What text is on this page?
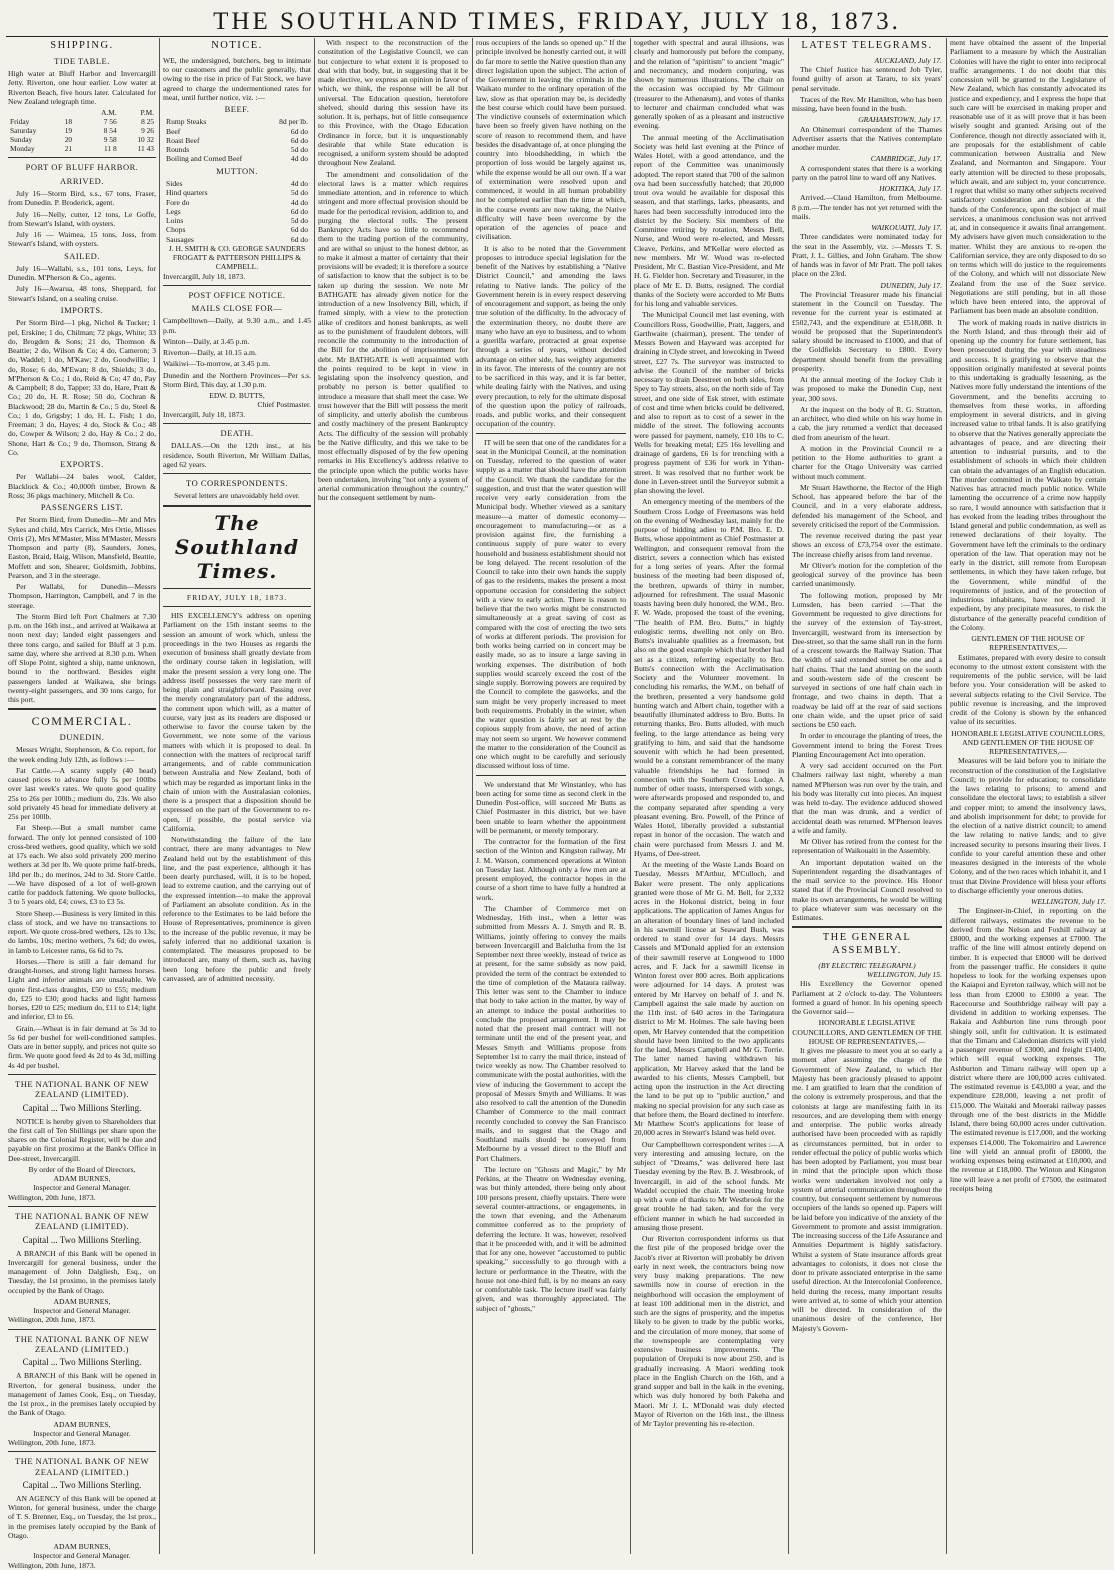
THE SOUTHLAND TIMES, FRIDAY, JULY 18, 1873.
SHIPPING.
TIDE TABLE.

High water at Bluff Harbor and Invercargill Jetty. Riverton, one hour earlier. Low water at Riverton Beach, five hours later. Calculated for New Zealand telegraph time.

		A.M.	P.M.
Friday	18	7 56	8 25
Saturday	19	8 54	9 26
Sunday	20	9 58	10 32
Monday	21	11 8	11 43
PORT OF BLUFF HARBOR.
ARRIVED.

July 16—Storm Bird, s.s., 67 tons, Fraser, from Dunedin. P. Broderick, agent.

July 16—Nelly, cutter, 12 tons, Le Goffe, from Stewart's Island, with oysters.

July 16 — Waimea, 15 tons, Joss, from Stewart's Island, with oysters.

SAILED.

July 16—Wallabi, s.s., 101 tons, Leys, for Dunedin. M'Pherson & Co., agents.

July 16—Awarua, 48 tons, Sheppard, for Stewart's Island, on a sealing cruise.

IMPORTS.

Per Storm Bird—1 pkg, Nichol & Tucker; 1 pel, Erskine; 1 do, Chilman; 72 pkgs, White; 33 do, Brogden & Sons; 21 do, Thomson & Beattie; 2 do, Wilson & Co; 4 do, Cameron; 3 do, Waddel; 1 do, M'Kaw; 2 do, Goodwillie; 1 do, Rose; 6 do, M'Ewan; 8 do, Shields; 3 do, M'Pherson & Co.; 1 do, Reid & Co; 47 do, Pay & Campbell; 8 do, Tapper; 33 do, Hare, Pratt & Co.; 20 do, H. R. Rose; 50 do, Cochran & Blackwood; 28 do, Martin & Co.; 5 do, Steel & Co.; 1 do, Grigsby; 1 do, H. L. Fish; 1 do, Freeman; 3 do, Hayes; 4 do, Stock & Co.; 48 do, Cowper & Wilson; 2 do, Hay & Co.; 2 do, Shone, Hart & Co.; 9 do, Thomson, Strang & Co.

EXPORTS.

Per Wallabi—24 bales wool, Calder, Blacklock & Co.; 40,000ft timber, Brown & Ross; 36 pkgs machinery, Mitchell & Co.

PASSENGERS LIST.

Per Storm Bird, from Dunedin—Mr and Mrs Sykes and child, Mrs Carrick, Mrs Ortie, Misses Orris (2), Mrs M'Master, Miss M'Master, Messrs Thompson and party (8), Saunders, Jones, Easton, Braid, Haig, Wilson, Mansfield, Beattie, Moffett and son, Shearer, Goldsmith, Jobbins, Pearson, and 3 in the steerage.

Per Wallabi, for Dunedin—Messrs Thompson, Harrington, Campbell, and 7 in the steerage.

The Storm Bird left Port Chalmers at 7.30 p.m. on the 16th inst., and arrived at Waikawa at noon next day; landed eight passengers and three tons cargo, and sailed for Bluff at 3 p.m. same day, where she arrived at 8.30 p.m. When off Slope Point, sighted a ship, name unknown, bound to the northward. Besides eight passengers landed at Waikawa, she brings twenty-eight passengers, and 30 tons cargo, for this port.

COMMERCIAL.
DUNEDIN.

Messrs Wright, Stephenson, & Co. report, for the week ending July 12th, as follows :—

Fat Cattle.—A scanty supply (40 head) caused prices to advance fully 5s per 100lbs over last week's rates. We quote good quality 25s to 26s per 100lb.; medium do, 23s. We also sold privately 45 head for immediate delivery at 25s per 100lb.

Fat Sheep.—But a small number came forward. The only lot penned consisted of 100 cross-bred wethers, good quality, which we sold at 17s each. We also sold privately 200 merino wethers at 3d per lb. We quote prime half-breds, 18d per lb.; do merinos, 24d to 3d. Store Cattle.—We have disposed of a lot of well-grown cattle for paddock fattening. We quote bullocks, 3 to 5 years old, £4; cows, £3 to £3 5s.

Store Sheep.—Business is very limited in this class of stock, and we have no transactions to report. We quote cross-bred wethers, 12s to 13s; do lambs, 10s; merino wethers, 7s 6d; do ewes, in lamb to Leicester rams, 6s 6d to 7s.

Horses.—There is still a fair demand for draught-horses, and strong light harness horses. Light and inferior animals are unsaleable. We quote first-class draughts, £50 to £55; medium do, £25 to £30; good hacks and light harness horses, £20 to £25; medium do, £11 to £14; light and inferior, £3 to £6.

Grain.—Wheat is in fair demand at 5s 3d to 5s 6d per bushel for well-conditioned samples. Oats are in better supply, and prices not quite so firm. We quote good feed 4s 2d to 4s 3d, milling 4s 4d per bushel.

THE NATIONAL BANK OF NEW ZEALAND (LIMITED).
Capital ... Two Millions Sterling.

NOTICE is hereby given to Shareholders that the first call of Ten Shillings per share upon the shares on the Colonial Register, will be due and payable on first proximo at the Bank's Office in Dee-street, Invercargill.

By order of the Board of Directors,
ADAM BURNES,
Inspector and General Manager.
Wellington, 20th June, 1873.
THE NATIONAL BANK OF NEW ZEALAND (LIMITED).
Capital ... Two Millions Sterling.

A BRANCH of this Bank will be opened in Invercargill for general business, under the management of John Dalgliesh, Esq., on Tuesday, the 1st proximo, in the premises lately occupied by the Bank of Otago.

ADAM BURNES,
Inspector and General Manager.
Wellington, 20th June, 1873.
THE NATIONAL BANK OF NEW ZEALAND (LIMITED.)
Capital ... Two Millions Sterling.

A BRANCH of this Bank will be opened in Riverton, for general business, under the management of James Cook, Esq., on Tuesday, the 1st prox., in the premises lately occupied by the Bank of Otago.

ADAM BURNES,
Inspector and General Manager.
Wellington, 20th June, 1873.
THE NATIONAL BANK OF NEW ZEALAND (LIMITED.)
Capital ... Two Millions Sterling.

AN AGENCY of this Bank will be opened at Winton, for general business, under the charge of T. S. Brenner, Esq., on Tuesday, the 1st prox., in the premises lately occupied by the Bank of Otago.

ADAM BURNES,
Inspector and General Manager.
Wellington, 20th June, 1873.
NOTICE.

WE, the undersigned, butchers, beg to intimate to our customers and the public generally, that owing to the rise in price of Fat Stock, we have agreed to charge the undermentioned rates for meat, until further notice, viz. :—

BEEF.
Rump Steaks	8d per lb.
Beef	6d do
Roast Beef	6d do
Rounds	5d do
Boiling and Corned Beef	4d do
MUTTON.
Sides	4d do
Hind quarters	5d do
Fore do	4d do
Legs	6d do
Loins	5d do
Chops	6d do
Sausages	6d do
J. H. SMITH & CO. GEORGE SAUNDERS FROGATT & PATTERSON PHILLIPS & CAMPBELL.
Invercargill, July 18, 1873.
POST OFFICE NOTICE.
MAILS CLOSE FOR—

Campbelltown—Daily, at 9.30 a.m., and 1.45 p.m.

Winton—Daily, at 3.45 p.m.

Riverton—Daily, at 10.15 a.m.

Waikiwi—To-morrow, at 3.45 p.m.

Dunedin and the Northern Provinces—Per s.s. Storm Bird, This day, at 1.30 p.m.

EDW. D. BUTTS,
Chief Postmaster.
Invercargill, July 18, 1873.
DEATH.

DALLAS.—On the 12th inst., at his residence, South Riverton, Mr William Dallas, aged 62 years.

TO CORRESPONDENTS.
Several letters are unavoidably held over.
The Southland Times.
FRIDAY, JULY 18, 1873.

HIS EXCELLENCY's address on opening Parliament on the 15th instant seems to the session an amount of work which, unless the proceedings in the two Houses as regards the execution of business shall greatly deviate from the ordinary course taken in legislation, will make the present session a very long one. The address itself possesses the very rare merit of being plain and straightforward. Passing over the merely congratulatory part of the address, the comment upon which will, as a matter of course, vary just as its readers are disposed or otherwise to favor the course taken by the Government, we note some of the various matters with which it is proposed to deal. In connection with the matters of reciprocal tariff arrangements, and of cable communication between Australia and New Zealand, both of which may be regarded as important links in the chain of union with the Australasian colonies, there is a prospect that a disposition should be expressed on the part of the Government to re-open, if possible, the postal service via California.

Notwithstanding the failure of the late contract, there are many advantages to New Zealand held out by the establishment of this line, and the past experience, although it has been dearly purchased, will, it is to be hoped, lead to extreme caution, and the carrying out of the expressed intention—to make the approval of Parliament an absolute condition. As in the reference to the Estimates to be laid before the House of Representatives, prominence is given to the increase of the public revenue, it may be safely inferred that no additional taxation is contemplated. The measures proposed to be introduced are, many of them, such as, having been long before the public and freely canvassed, are of admitted necessity.

With respect to the reconstruction of the constitution of the Legislative Council, we can but conjecture to what extent it is proposed to deal with that body, but, in suggesting that it be made elective, we express an opinion in favor of which, we think, the response will be all but universal. The Education question, heretofore shelved, should during this session have its solution. It is, perhaps, but of little consequence to this Province, with the Otago Education Ordinance in force, but it is unquestionably desirable that while State education is recognised, a uniform system should be adopted throughout New Zealand.

The amendment and consolidation of the electoral laws is a matter which requires immediate attention, and in reference to which stringent and more effectual provision should be made for the periodical revision, addition to, and purging the electoral rolls. The present Bankruptcy Acts have so little to recommend them to the trading portion of the community, and are withal so unjust to the honest debtor, as to make it almost a matter of certainty that their provisions will be evaded; it is therefore a source of satisfaction to know that the subject is to be taken up during the session. We note Mr BATHGATE has already given notice for the introduction of a new Insolvency Bill, which, if framed simply, with a view to the protection alike of creditors and honest bankrupts, as well as to the punishment of fraudulent debtors, will reconcile the community to the introduction of the Bill for the abolition of imprisonment for debt. Mr BATHGATE is well acquainted with the points required to be kept in view in legislating upon the insolvency question, and probably no person is better qualified to introduce a measure that shall meet the case. We trust however that the Bill will possess the merit of simplicity, and utterly abolish the cumbrous and costly machinery of the present Bankruptcy Acts. The difficulty of the session will probably be the Native difficulty, and this we take to be most effectually disposed of by the few opening remarks in His Excellency's address relative to the principle upon which the public works have been undertaken, involving "not only a system of arterial communication throughout the country," but the consequent settlement by num-

rous occupiers of the lands so opened up." If the principle involved be honestly carried out, it will do far more to settle the Native question than any direct legislation upon the subject. The action of the Government in leaving the criminals in the Waikato murder to the ordinary operation of the law, slow as that operation may be, is decidedly the best course which could have been pursued. The vindictive counsels of extermination which have been so freely given have nothing on the score of reason to recommend them, and have besides the disadvantage of, at once plunging the country into bloodshedding, in which the proportion of loss would be largely against us, while the expense would be all our own. If a war of extermination were resolved upon and commenced, it would in all human probability not be completed earlier than the time at which, in the course events are now taking, the Native difficulty will have been overcome by the operation of the agencies of peace and civilisation.

It is also to be noted that the Government proposes to introduce special legislation for the benefit of the Natives by establishing a "Native District Council," and amending the laws relating to Native lands. The policy of the Government herein is in every respect deserving of encouragement and support, as being the only true solution of the difficulty. In the advocacy of the extermination theory, no doubt there are many who have an eye to business, and to whom a guerilla warfare, protracted at great expense through a series of years, without decided advantage on either side, has weighty arguments in its favor. The interests of the country are not to be sacrificed in this way, and it is far better, while dealing fairly with the Natives, and using every precaution, to rely for the ultimate disposal of the question upon the policy of railroads, roads, and public works, and their consequent occupation of the country.

IT will be seen that one of the candidates for a seat in the Municipal Council, at the nomination on Tuesday, referred to the question of water supply as a matter that should have the attention of the Council. We thank the candidate for the suggestion, and trust that the water question will receive very early consideration from the Municipal body. Whether viewed as a sanitary measure—a matter of domestic economy—encouragement to manufacturing—or as a provision against fire, the furnishing a continuous supply of pure water to every household and business establishment should not be long delayed. The recent resolution of the Council to take into their own hands the supply of gas to the residents, makes the present a most opportune occasion for considering the subject with a view to early action. There is reason to believe that the two works might be constructed simultaneously at a great saving of cost as compared with the cost of erecting the two sets of works at different periods. The provision for both works being carried on in concert may be easily made, so as to insure a large saving in working expenses. The distribution of both supplies would scarcely exceed the cost of the single supply. Borrowing powers are required by the Council to complete the gasworks, and the sum might be very properly increased to meet both requirements. Probably in the winter, when the water question is fairly set at rest by the copious supply from above, the need of action may not seem so urgent. We however commend the matter to the consideration of the Council as one which ought to be carefully and seriously discussed without loss of time.

We understand that Mr Winstanley, who has been acting for some time as second clerk in the Dunedin Post-office, will succeed Mr Butts as Chief Postmaster in this district, but we have been unable to learn whether the appointment will be permanent, or merely temporary.

The contractor for the formation of the first section of the Winton and Kingston railway, Mr J. M. Watson, commenced operations at Winton on Tuesday last. Although only a few men are at present employed, the contractor hopes in the course of a short time to have fully a hundred at work.

The Chamber of Commerce met on Wednesday, 16th inst., when a letter was submitted from Messrs A. J. Smyth and R. B. Williams, jointly offering to convey the mails between Invercargill and Balclutha from the 1st September next three weekly, instead of twice as at present, for the same subsidy as now paid, provided the term of the contract be extended to the time of completion of the Mataura railway. This letter was sent to the Chamber to induce that body to take action in the matter, by way of an attempt to induce the postal authorities to conclude the proposed arrangement. It may be noted that the present mail contract will not terminate until the end of the present year, and Messrs Smyth and Williams propose from September 1st to carry the mail thrice, instead of twice weekly as now. The Chamber resolved to communicate with the postal authorities, with the view of inducing the Government to accept the proposal of Messrs Smyth and Williams. It was also resolved to call the attention of the Dunedin Chamber of Commerce to the mail contract recently concluded to convey the San Francisco mails, and to suggest that the Otago and Southland mails should be conveyed from Melbourne by a vessel direct to the Bluff and Port Chalmers.

The lecture on "Ghosts and Magic," by Mr Perkins, at the Theatre on Wednesday evening, was but thinly attended, there being only about 100 persons present, chiefly upstairs. There were several counter-attractions, or engagements, in the town that evening, and the Athenæum committee conferred as to the propriety of deferring the lecture. It was, however, resolved that it be proceeded with, and it will be admitted that for any one, however "accustomed to public speaking," successfully to go through with a lecture or performance in the Theatre, with the house not one-third full, is by no means an easy or comfortable task. The lecture itself was fairly given, and was thoroughly appreciated. The subject of "ghosts,"

together with spectral and aural illusions, was clearly and humorously put before the company, and the relation of "spiritism" to ancient "magic" and necromancy, and modern conjuring, was shown by numerous illustrations. The chair on the occasion was occupied by Mr Gilmour (treasurer to the Athenæum), and votes of thanks to lecturer and chairman concluded what was generally spoken of as a pleasant and instructive evening.

The annual meeting of the Acclimatisation Society was held last evening at the Prince of Wales Hotel, with a good attendance, and the report of the Committee was unanimously adopted. The report stated that 700 of the salmon ova had been successfully hatched; that 20,000 trout ova would be available for disposal this season, and that starlings, larks, pheasants, and hares had been successfully introduced into the district by the Society. Six members of the Committee retiring by rotation, Messrs Bell, Nurse, and Wood were re-elected, and Messrs Cleave, Perkins, and M'Kellar were elected as new members. Mr W. Wood was re-elected President, Mr C. Bastian Vice-President, and Mr H. G. Fielder hon. Secretary and Treasurer, in the place of Mr E. D. Butts, resigned. The cordial thanks of the Society were accorded to Mr Butts for his long and valuable services.

The Municipal Council met last evening, with Councillors Ross, Goodwillie, Pratt, Jaggers, and Garthwaite (chairman), present. The tender of Messrs Bowen and Hayward was accepted for draining in Clyde street, and lowcoking in Tweed street, £27 7s. The surveyor was instructed to advise the Council of the number of bricks necessary to drain Deestreet on both sides, from Spey to Tay streets, also, on the north side of Tay street, and one side of Esk street, with estimate of cost and time when bricks could be delivered, and also to report as to cost of a sewer in the middle of the street. The following accounts were passed for payment, namely, £10 10s to C. Wells for breaking metal; £25 16s levelling and drainage of gardens, £6 1s for trenching with a progress payment of £36 for work in Ythan-street. It was resolved that no further work be done in Leven-street until the Surveyor submit a plan showing the level.

An emergency meeting of the members of the Southern Cross Lodge of Freemasons was held on the evening of Wednesday last, mainly for the purpose of bidding adieu to P.M. Bro. E. D. Butts, whose appointment as Chief Postmaster at Wellington, and consequent removal from the district, severs a connection which has existed for a long series of years. After the formal business of the meeting had been disposed of, the brethren, upwards of thirty in number, adjourned for refreshment. The usual Masonic toasts having been duly honored, the W.M., Bro. F. W. Wade, proposed the toast of the evening, "The health of P.M. Bro. Butts," in highly eulogistic terms, dwelling not only on Bro. Butts's invaluable qualities as a freemason, but also on the good example which that brother had set as a citizen, referring especially to Bro. Butts's connection with the Acclimatisation Society and the Volunteer movement. In concluding his remarks, the W.M., on behalf of the brethren, presented a very handsome gold hunting watch and Albert chain, together with a beautifully illuminated address to Bro. Butts. In returning thanks, Bro. Butts alluded, with much feeling, to the large attendance as being very gratifying to him, and said that the handsome souvenir with which he had been presented, would be a constant remembrancer of the many valuable friendships he had formed in connection with the Southern Cross Lodge. A number of other toasts, interspersed with songs, were afterwards proposed and responded to, and the company separated after spending a very pleasant evening. Bro. Powell, of the Prince of Wales Hotel, liberally provided a substantial repast in honor of the occasion. The watch and chain were purchased from Messrs J. and M. Hyams, of Dee-street.

At the meeting of the Waste Lands Board on Tuesday, Messrs M'Arthur, M'Culloch, and Baker were present. The only applications granted were those of Mr G. M. Bell, for 2,332 acres in the Hokonui district, being in four applications. The application of James Angus for an alteration of boundary lines of land included in his sawmill license at Seaward Bush, was ordered to stand over for 14 days. Messrs Cassels and M'Donald applied for an extension of their sawmill reserve at Longwood to 1000 acres, and F. Jack for a sawmill license in Winton forest over 800 acres. Both applications were adjourned for 14 days. A protest was entered by Mr Harvey on behalf of J. and N. Campbell against the sale made by auction on the 11th inst. of 640 acres in the Taringatura district to Mr M. Holmes. The sale having been open, Mr Harvey contended that the competition should have been limited to the two applicants for the land, Messrs Campbell and Mr G. Torrie. The latter named having withdrawn his application, Mr Harvey asked that the land be awarded to his clients, Messrs Campbell, but acting upon the instruction in the Act directing the land to be put up to "public auction," and making no special provision for any such case as that before them, the Board declined to interfere. Mr Matthew Scott's applications for lease of 20,000 acres in Stewart's Island was held over.

Our Campbelltown correspondent writes :—A very interesting and amusing lecture, on the subject of "Dreams," was delivered here last Tuesday evening by the Rev. B. J. Westbrook, of Invercargill, in aid of the school funds. Mr Waddel occupied the chair. The meeting broke up with a vote of thanks to Mr Westbrook for the great trouble he had taken, and for the very efficient manner in which he had succeeded in amusing those present.

Our Riverton correspondent informs us that the first pile of the proposed bridge over the Jacob's river at Riverton will probably be driven early in next week, the contractors being now very busy making preparations. The new sawmills now in course of erection in the neighborhood will occasion the employment of at least 100 additional men in the district, and such are the signs of prosperity, and the impetus likely to be given to trade by the public works, and the circulation of more money, that some of the townspeople are contemplating very extensive business improvements. The population of Orepuki is now about 250, and is gradually increasing. A Maori wedding took place in the English Church on the 16th, and a grand supper and ball in the kaik in the evening, which was duly honored by both Pakeha and Maori. Mr J. L. M'Donald was duly elected Mayor of Riverton on the 16th inst., the illness of Mr Taylor preventing his re-election.

LATEST TELEGRAMS.
AUCKLAND, July 17.

The Chief Justice has sentenced Job Tyler, found guilty of arson at Tararu, to six years' penal servitude.

Traces of the Rev. Mr Hamilton, who has been missing, have been found in the bush.

GRAHAMSTOWN, July 17.

An Ohinemuri correspondent of the Thames Advertiser asserts that the Natives contemplate another murder.

CAMBRIDGE, July 17.

A correspondent states that there is a working party on the patrol line to ward off any Natives.

HOKITIKA, July 17.

Arrived.—Claud Hamilton, from Melbourne. 8 p.m.—The tender has not yet returned with the mails.

WAIKOUAITI, July 17.

Three candidates were nominated today for the seat in the Assembly, viz. :—Messrs T. S. Pratt, J. L. Gillies, and John Graham. The show of hands was in favor of Mr Pratt. The poll takes place on the 23rd.

DUNEDIN, July 17.

The Provincial Treasurer made his financial statement in the Council on Tuesday. The revenue for the current year is estimated at £502,743, and the expenditure at £518,088. It would be proposed that the Superintendent's salary should be increased to £1000, and that of the Goldfields Secretary to £800. Every department should benefit from the prevailing prosperity.

At the annual meeting of the Jockey Club it was proposed to make the Dunedin Cup, next year, 300 sovs.

At the inquest on the body of R. G. Stratton, an architect, who died while on his way home in a cab, the jury returned a verdict that deceased died from aneurism of the heart.

A motion in the Provincial Council re a petition to the Home authorities to grant a charter for the Otago University was carried without much comment.

Mr Stuart Hawthorne, the Rector of the High School, has appeared before the bar of the Council, and in a very elaborate address, defended his management of the School, and severely criticised the report of the Commission.

The revenue received during the past year shows an excess of £73,754 over the estimate. The increase chiefly arises from land revenue.

Mr Oliver's motion for the completion of the geological survey of the province has been carried unanimously.

The following motion, proposed by Mr Lumsden, has been carried :—That the Government be requested to give directions for the survey of the extension of Tay-street, Invercargill, westward from its intersection by Dee-street, so that the same shall run in the form of a crescent towards the Railway Station. That the width of said extended street be one and a half chains. That the land abutting on the south and south-western side of the crescent be surveyed in sections of one half chain each in frontage, and two chains in depth. That a roadway be laid off at the rear of said sections one chain wide, and the upset price of said sections be £50 each.

In order to encourage the planting of trees, the Government intend to bring the Forest Trees Planting Encouragement Act into operation.

A very sad accident occurred on the Port Chalmers railway last night, whereby a man named M'Pherson was run over by the train, and his body was literally cut into pieces. An inquest was held to-day. The evidence adduced showed that the man was drunk, and a verdict of accidental death was returned. M'Pherson leaves a wife and family.

Mr Oliver has retired from the contest for the representation of Waikouaiti in the Assembly.

An important deputation waited on the Superintendent regarding the disadvantages of the mail service to the province. His Honor stated that if the Provincial Council resolved to make its own arrangements, he would be willing to place whatever sum was necessary on the Estimates.

THE GENERAL ASSEMBLY.
(BY ELECTRIC TELEGRAPH.)
WELLINGTON, July 15.

His Excellency the Governor opened Parliament at 2 o'clock to-day. The Volunteers formed a guard of honor. In his opening speech the Governor said—

HONORABLE LEGISLATIVE COUNCILLORS, AND GENTLEMEN OF THE HOUSE OF REPRESENTATIVES,—

It gives me pleasure to meet you at so early a moment after assuming the charge of the Government of New Zealand, to which Her Majesty has been graciously pleased to appoint me. I am gratified to learn that the condition of the colony is extremely prosperous, and that the colonists at large are manifesting faith in its resources, and are developing them with energy and enterprise. The public works already authorised have been proceeded with as rapidly as circumstances permitted, but in order to render effectual the policy of public works which has been adopted by Parliament, you must bear in mind that the principle upon which those works were undertaken involved not only a system of arterial communication throughout the country, but consequent settlement by numerous occupiers of the lands so opened up. Papers will be laid before you indicative of the anxiety of the Government to promote and assist immigration. The increasing success of the Life Assurance and Annuities Department is highly satisfactory. Whilst a system of State insurance affords great advantages to colonists, it does not close the door to private associated enterprise in the same useful direction. At the Intercolonial Conference, held during the recess, many important results were arrived at, to some of which your attention will be directed. In consideration of the unanimous desire of the conference, Her Majesty's Govern-

ment have obtained the assent of the Imperial Parliament to a measure by which the Australian Colonies will have the right to enter into reciprocal traffic arrangements. I do not doubt that this concession will be granted to the Legislature of New Zealand, which has constantly advocated its justice and expediency, and I express the hope that such care will be exercised in making proper and reasonable use of it as will prove that it has been wisely sought and granted. Arising out of the Conference, though not directly associated with it, are proposals for the establishment of cable communication between Australia and New Zealand, and Normanton and Singapore. Your early attention will be directed to these proposals, which await, and are subject to, your concurrence. I regret that whilst so many other subjects received satisfactory consideration and decision at the hands of the Conference, upon the subject of mail services, a unanimous conclusion was not arrived at, and in consequence it awaits final arrangement. My advisers have given much consideration to the matter. Whilst they are anxious to re-open the Californian service, they are only disposed to do so on terms which will do justice to the requirements of the Colony, and which will not dissociate New Zealand from the use of the Suez service. Negotiations are still pending, but in all those which have been entered into, the approval of Parliament has been made an absolute condition.

The work of making roads in native districts in the North Island, and thus through their aid of opening up the country for future settlement, has been prosecuted during the year with steadiness and success. It is gratifying to observe that the opposition originally manifested at several points to this undertaking is gradually lessening, as the Natives more fully understand the intentions of the Government, and the benefits accruing to themselves from these works, in affording employment in several districts, and in giving increased value to tribal lands. It is also gratifying to observe that the Natives generally appreciate the advantages of peace, and are directing their attention to industrial pursuits, and to the establishment of schools in which their children can obtain the advantages of an English education. The murder committed in the Waikato by certain Natives has attracted much public notice. While lamenting the occurrence of a crime now happily so rare, I would announce with satisfaction that it has evoked from the leading tribes throughout the Island general and public condemnation, as well as renewed declarations of their loyalty. The Government have left the criminals to the ordinary operation of the law. That operation may not be early in the district, still remote from European settlements, in which they have taken refuge, but the Government, while mindful of the requirements of justice, and of the protection of industrious inhabitants, have not deemed it expedient, by any precipitate measures, to risk the disturbance of the generally peaceful condition of the Colony.

GENTLEMEN OF THE HOUSE OF REPRESENTATIVES,—

Estimates, prepared with every desire to consult economy to the utmost extent consistent with the requirements of the public service, will be laid before you. Your consideration will be asked to several subjects relating to the Civil Service. The public revenue is increasing, and the improved credit of the Colony is shown by the enhanced value of its securities.

HONORABLE LEGISLATIVE COUNCILLORS, AND GENTLEMEN OF THE HOUSE OF REPRESENTATIVES,—

Measures will be laid before you to initiate the reconstruction of the constitution of the Legislative Council; to provide for education; to consolidate the laws relating to prisons; to amend and consolidate the electoral laws; to establish a silver and copper mint; to amend the insolvency laws, and abolish imprisonment for debt; to provide for the election of a native district council; to amend the law relating to native lands; and to give increased security to persons insuring their lives. I confide to your careful attention these and other measures designed in the interests of the whole Colony, and of the two races which inhabit it, and I trust that Divine Providence will bless your efforts to discharge efficiently your onerous duties.

WELLINGTON, July 17.

The Engineer-in-Chief, in reporting on the different railways, estimates the revenue to be derived from the Nelson and Foxhill railway at £8000, and the working expenses at £7000. The traffic of the line will almost entirely depend on timber. It is expected that £8000 will be derived from the passenger traffic. He considers it quite hopeless to look for the working expenses upon the Kaiapoi and Eyreton railway, which will not be less than from £2000 to £3000 a year. The Racecourse and Southbridge railway will pay a dividend in addition to working expenses. The Rakaia and Ashburton line runs through poor shingly soil, unfit for cultivation. It is estimated that the Timaru and Caledonian districts will yield a passenger revenue of £3000, and freight £1400, which will equal working expenses. The Ashburton and Timaru railway will open up a district where there are 100,000 acres cultivated. The estimated revenue is £43,000 a year, and the expenditure £28,000, leaving a net profit of £15,000. The Waitaki and Moeraki railway passes through one of the best districts in the Middle Island, there being 60,000 acres under cultivation. The estimated revenue is £17,000, and the working expenses £14,000. The Tokomairiro and Lawrence line will yield an annual profit of £8000, the working expenses being estimated at £10,000, and the revenue at £18,000. The Winton and Kingston line will leave a net profit of £7500, the estimated receipts being
